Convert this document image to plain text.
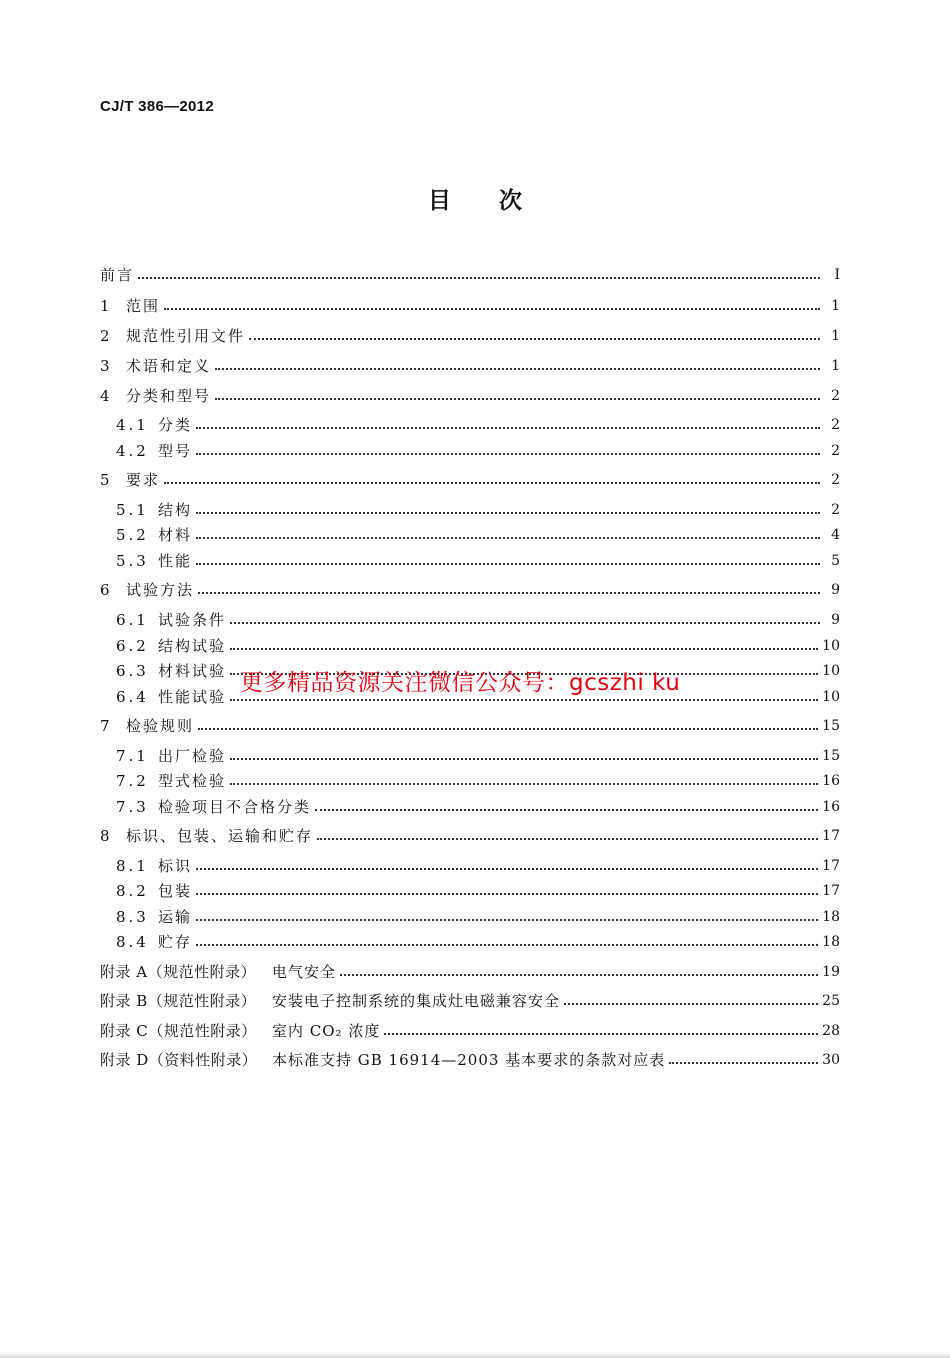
CJ/T 386—2012
目次
前言	Ⅰ
1	范围	1
2	规范性引用文件	1
3	术语和定义	1
4	分类和型号	2
4.1 分类	2
4.2 型号	2
5	要求	2
5.1 结构	2
5.2 材料	4
5.3 性能	5
6	试验方法	9
6.1 试验条件	9
6.2 结构试验	10
6.3 材料试验	10
6.4 性能试验	10
7	检验规则	15
7.1 出厂检验	15
7.2 型式检验	16
7.3 检验项目不合格分类	16
8	标识、包装、运输和贮存	17
8.1 标识	17
8.2 包装	17
8.3 运输	18
8.4 贮存	18
附录 A（规范性附录）	电气安全	19
附录 B（规范性附录）	安装电子控制系统的集成灶电磁兼容安全	25
附录 C（规范性附录）	室内 CO₂ 浓度	28
附录 D（资料性附录） 本标准支持 GB 16914—2003 基本要求的条款对应表	30
更多精品资源关注微信公众号：gcszhi ku
